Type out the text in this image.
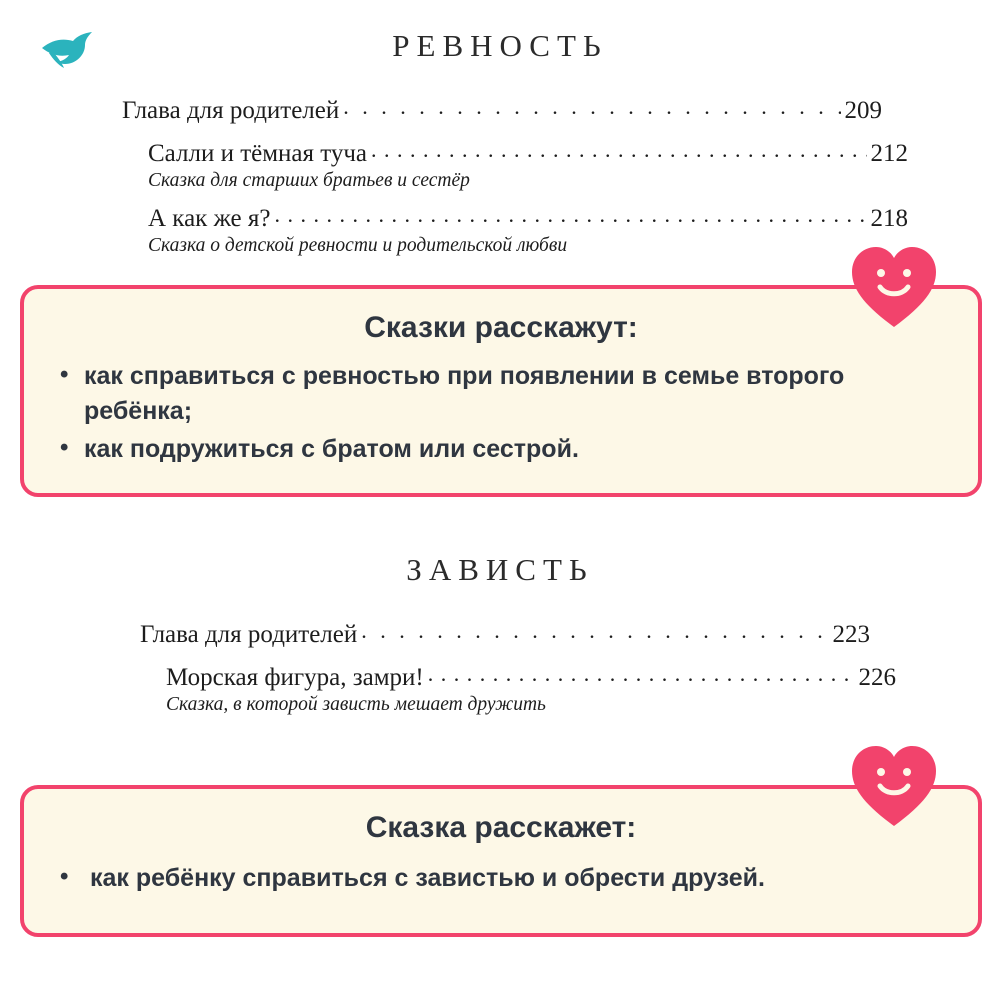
РЕВНОСТЬ
Глава для родителей . . .	209
Салли и тёмная туча . . .	212
Сказка для старших братьев и сестёр
А как же я? . . .	218
Сказка о детской ревности и родительской любви
Сказки расскажут:
• как справиться с ревностью при появлении в семье второго ребёнка;
• как подружиться с братом или сестрой.
ЗАВИСТЬ
Глава для родителей . . .	223
Морская фигура, замри! . . .	226
Сказка, в которой зависть мешает дружить
Сказка расскажет:
• как ребёнку справиться с завистью и обрести друзей.
